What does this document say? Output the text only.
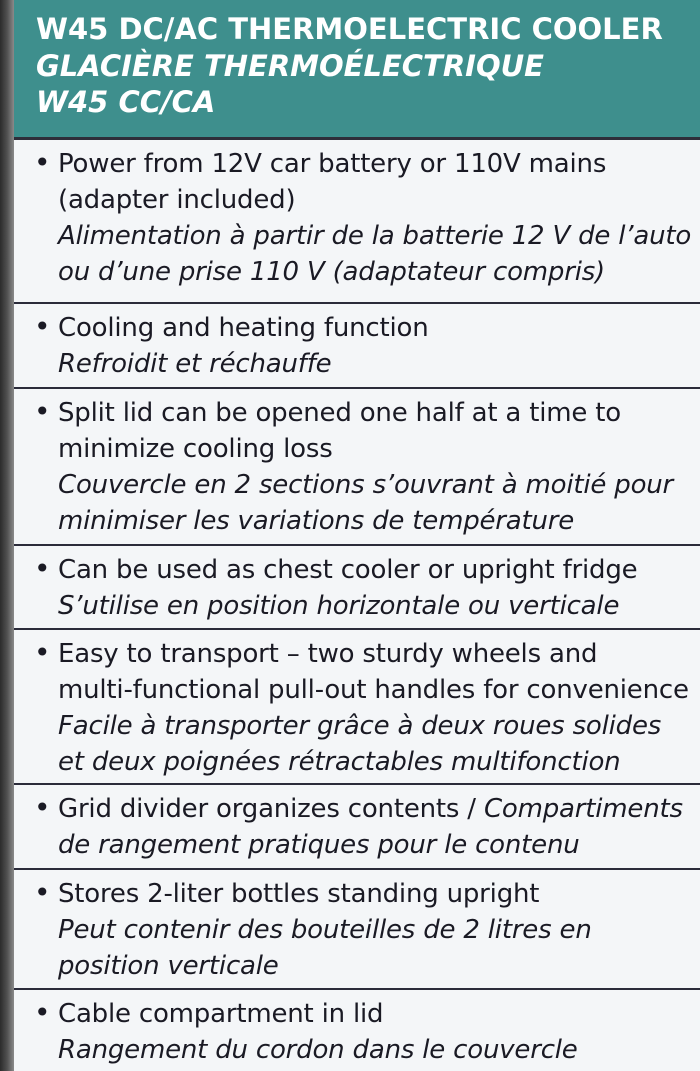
W45 DC/AC THERMOELECTRIC COOLER
GLACIÈRE THERMOÉLECTRIQUE
W45 CC/CA
• Power from 12V car battery or 110V mains
(adapter included)
Alimentation à partir de la batterie 12 V de l’auto
ou d’une prise 110 V (adaptateur compris)
• Cooling and heating function
Refroidit et réchauffe
• Split lid can be opened one half at a time to
minimize cooling loss
Couvercle en 2 sections s’ouvrant à moitié pour
minimiser les variations de température
• Can be used as chest cooler or upright fridge
S’utilise en position horizontale ou verticale
• Easy to transport – two sturdy wheels and
multi-functional pull-out handles for convenience
Facile à transporter grâce à deux roues solides
et deux poignées rétractables multifonction
• Grid divider organizes contents / Compartiments
de rangement pratiques pour le contenu
• Stores 2-liter bottles standing upright
Peut contenir des bouteilles de 2 litres en
position verticale
• Cable compartment in lid
Rangement du cordon dans le couvercle
